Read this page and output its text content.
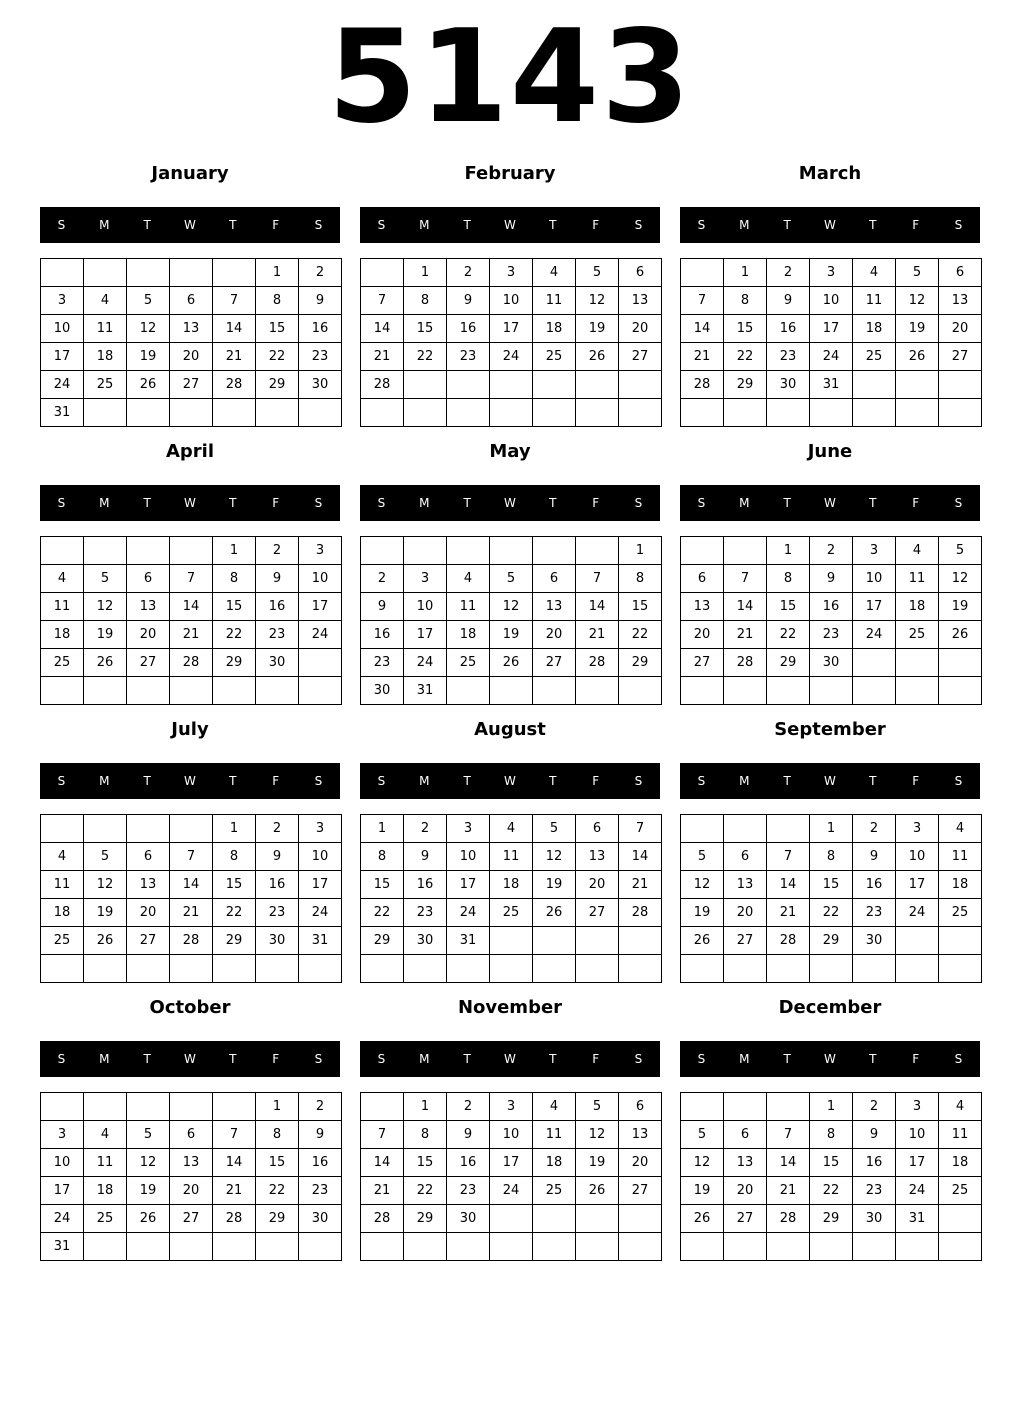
5143
January
S	M	T	W	T	F	S
					1	2
3	4	5	6	7	8	9
10	11	12	13	14	15	16
17	18	19	20	21	22	23
24	25	26	27	28	29	30
31						
February
S	M	T	W	T	F	S
	1	2	3	4	5	6
7	8	9	10	11	12	13
14	15	16	17	18	19	20
21	22	23	24	25	26	27
28						

March
S	M	T	W	T	F	S
	1	2	3	4	5	6
7	8	9	10	11	12	13
14	15	16	17	18	19	20
21	22	23	24	25	26	27
28	29	30	31			

April
S	M	T	W	T	F	S
				1	2	3
4	5	6	7	8	9	10
11	12	13	14	15	16	17
18	19	20	21	22	23	24
25	26	27	28	29	30	

May
S	M	T	W	T	F	S
						1
2	3	4	5	6	7	8
9	10	11	12	13	14	15
16	17	18	19	20	21	22
23	24	25	26	27	28	29
30	31					
June
S	M	T	W	T	F	S
		1	2	3	4	5
6	7	8	9	10	11	12
13	14	15	16	17	18	19
20	21	22	23	24	25	26
27	28	29	30			

July
S	M	T	W	T	F	S
				1	2	3
4	5	6	7	8	9	10
11	12	13	14	15	16	17
18	19	20	21	22	23	24
25	26	27	28	29	30	31

August
S	M	T	W	T	F	S
1	2	3	4	5	6	7
8	9	10	11	12	13	14
15	16	17	18	19	20	21
22	23	24	25	26	27	28
29	30	31				

September
S	M	T	W	T	F	S
			1	2	3	4
5	6	7	8	9	10	11
12	13	14	15	16	17	18
19	20	21	22	23	24	25
26	27	28	29	30		

October
S	M	T	W	T	F	S
					1	2
3	4	5	6	7	8	9
10	11	12	13	14	15	16
17	18	19	20	21	22	23
24	25	26	27	28	29	30
31						
November
S	M	T	W	T	F	S
	1	2	3	4	5	6
7	8	9	10	11	12	13
14	15	16	17	18	19	20
21	22	23	24	25	26	27
28	29	30				

December
S	M	T	W	T	F	S
			1	2	3	4
5	6	7	8	9	10	11
12	13	14	15	16	17	18
19	20	21	22	23	24	25
26	27	28	29	30	31	
